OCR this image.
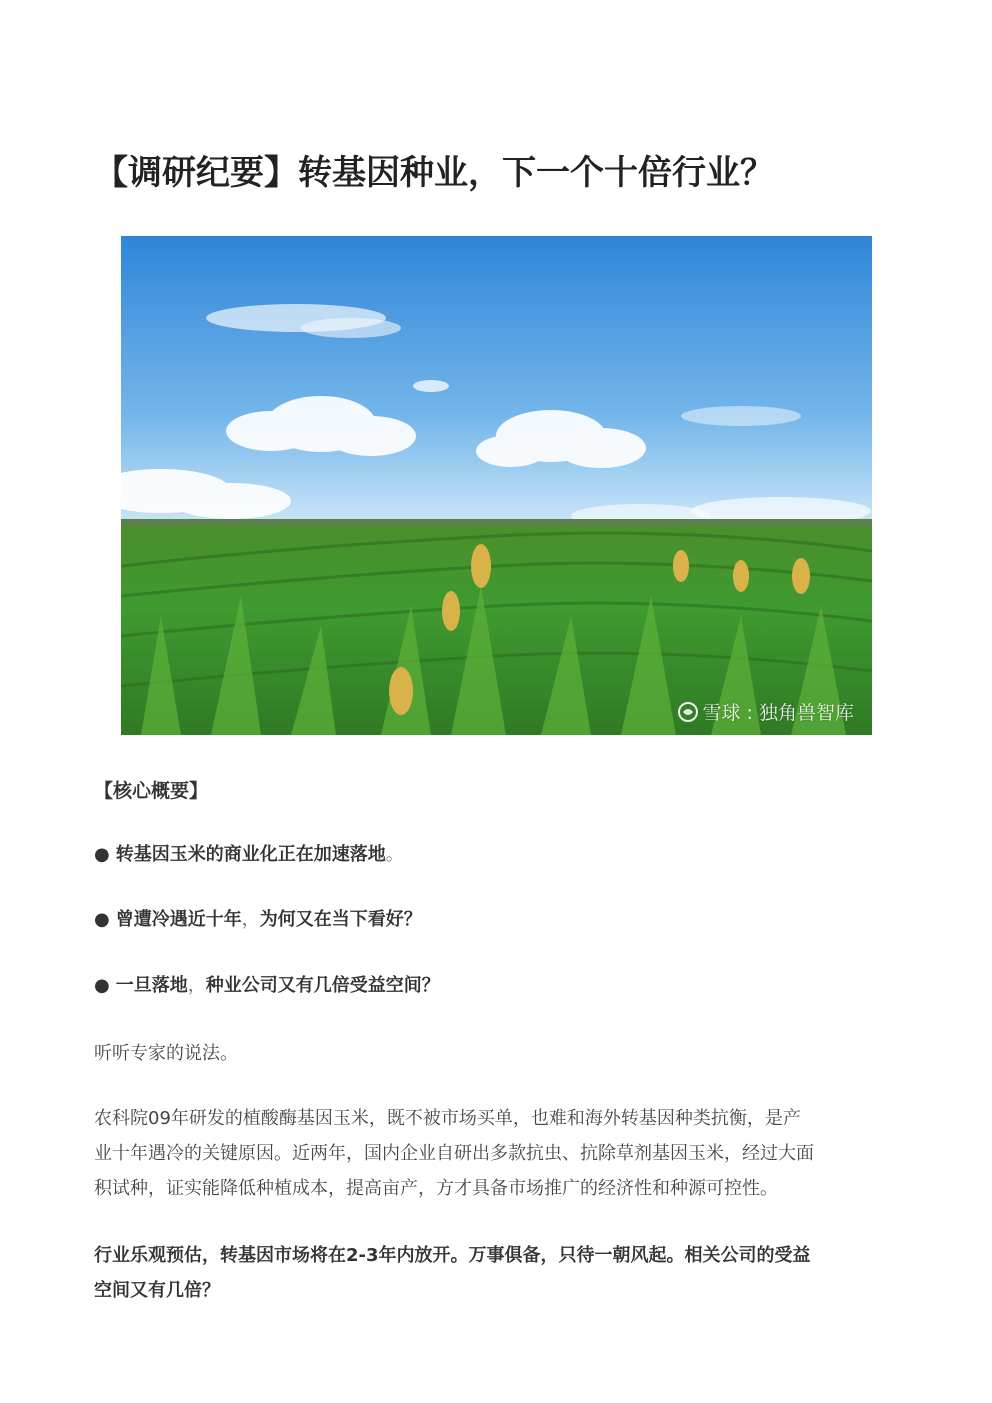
【调研纪要】转基因种业，下一个十倍行业？
雪球 : 独角兽智库
【核心概要】
● 转基因玉米的商业化正在加速落地。
● 曾遭冷遇近十年，为何又在当下看好？
● 一旦落地，种业公司又有几倍受益空间？
听听专家的说法。
农科院09年研发的植酸酶基因玉米，既不被市场买单，也难和海外转基因种类抗衡，是产
业十年遇冷的关键原因。近两年，国内企业自研出多款抗虫、抗除草剂基因玉米，经过大面
积试种，证实能降低种植成本，提高亩产，方才具备市场推广的经济性和种源可控性。
行业乐观预估，转基因市场将在2-3年内放开。万事俱备，只待一朝风起。相关公司的受益
空间又有几倍？
